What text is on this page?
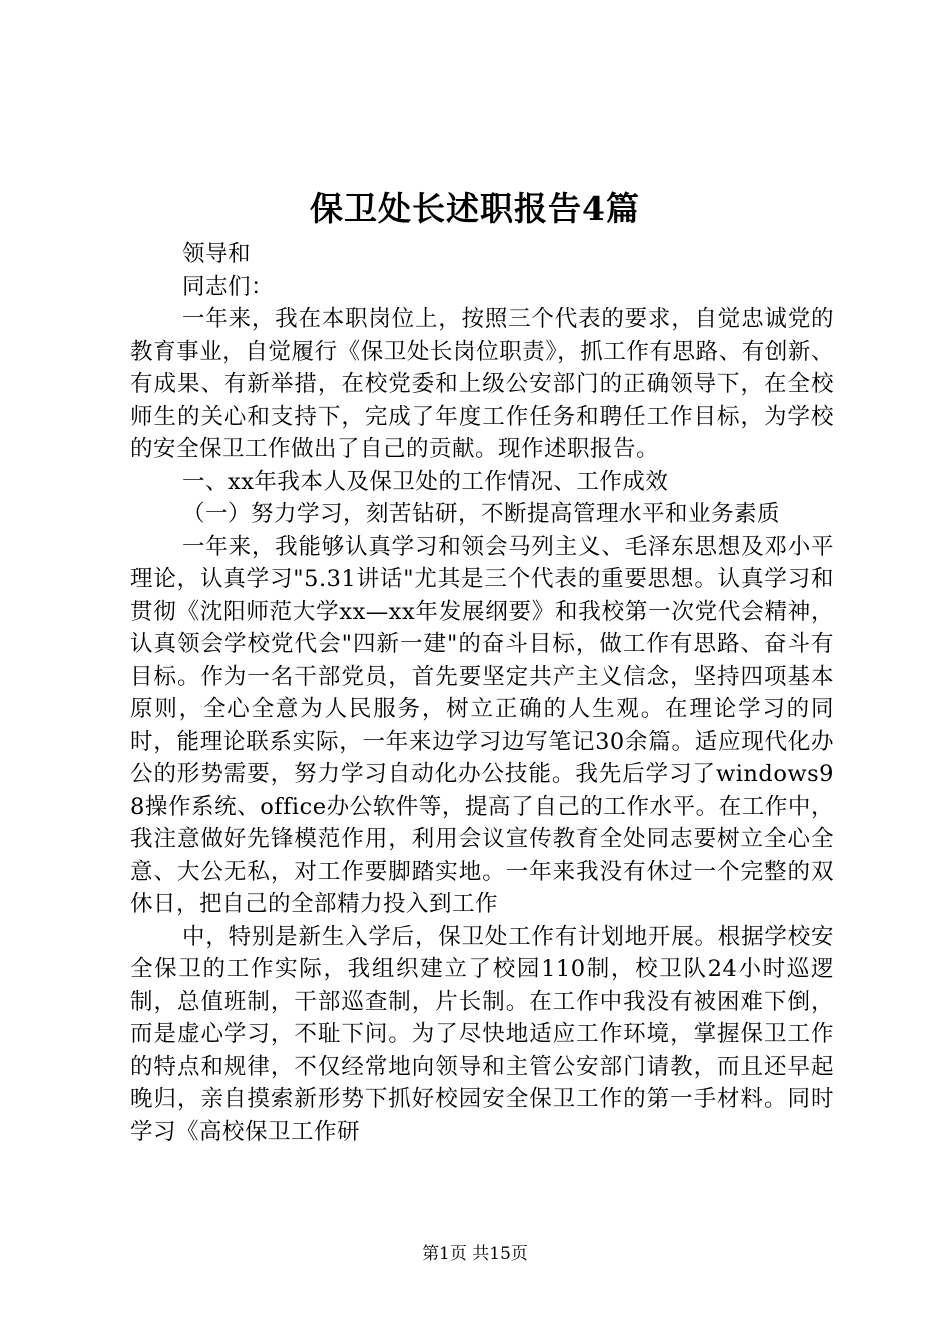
保卫处长述职报告4篇

领导和

同志们：

一年来，我在本职岗位上，按照三个代表的要求，自觉忠诚党的教育事业，自觉履行《保卫处长岗位职责》，抓工作有思路、有创新、有成果、有新举措，在校党委和上级公安部门的正确领导下，在全校师生的关心和支持下，完成了年度工作任务和聘任工作目标，为学校的安全保卫工作做出了自己的贡献。现作述职报告。

一、xx年我本人及保卫处的工作情况、工作成效

（一）努力学习，刻苦钻研，不断提高管理水平和业务素质

一年来，我能够认真学习和领会马列主义、毛泽东思想及邓小平理论，认真学习"5.31讲话"尤其是三个代表的重要思想。认真学习和贯彻《沈阳师范大学xx—xx年发展纲要》和我校第一次党代会精神，认真领会学校党代会"四新一建"的奋斗目标，做工作有思路、奋斗有目标。作为一名干部党员，首先要坚定共产主义信念，坚持四项基本原则，全心全意为人民服务，树立正确的人生观。在理论学习的同时，能理论联系实际，一年来边学习边写笔记30余篇。适应现代化办公的形势需要，努力学习自动化办公技能。我先后学习了windows98操作系统、office办公软件等，提高了自己的工作水平。在工作中，我注意做好先锋模范作用，利用会议宣传教育全处同志要树立全心全意、大公无私，对工作要脚踏实地。一年来我没有休过一个完整的双休日，把自己的全部精力投入到工作

中，特别是新生入学后，保卫处工作有计划地开展。根据学校安全保卫的工作实际，我组织建立了校园110制，校卫队24小时巡逻制，总值班制，干部巡查制，片长制。在工作中我没有被困难下倒，而是虚心学习，不耻下问。为了尽快地适应工作环境，掌握保卫工作的特点和规律，不仅经常地向领导和主管公安部门请教，而且还早起晚归，亲自摸索新形势下抓好校园安全保卫工作的第一手材料。同时学习《高校保卫工作研

第1页 共15页
